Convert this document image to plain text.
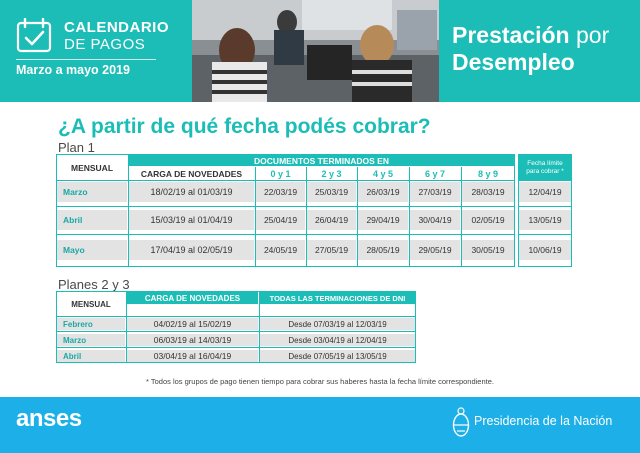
CALENDARIO
DE PAGOS
Marzo a mayo 2019
Prestación por
Desempleo
¿A partir de qué fecha podés cobrar?
Plan 1
MENSUAL
DOCUMENTOS TERMINADOS EN
CARGA DE NOVEDADES	0 y 1	2 y 3	4 y 5	6 y 7	8 y 9
Fecha límite para cobrar *
Marzo	18/02/19 al 01/03/19	22/03/19	25/03/19	26/03/19	27/03/19	28/03/19	12/04/19
Abril	15/03/19 al 01/04/19	25/04/19	26/04/19	29/04/19	30/04/19	02/05/19	13/05/19
Mayo	17/04/19 al 02/05/19	24/05/19	27/05/19	28/05/19	29/05/19	30/05/19	10/06/19
Planes 2 y 3
MENSUAL
CARGA DE NOVEDADES	TODAS LAS TERMINACIONES DE DNI
Febrero	04/02/19 al 15/02/19	Desde 07/03/19 al 12/03/19
Marzo	06/03/19 al 14/03/19	Desde 03/04/19 al 12/04/19
Abril	03/04/19 al 16/04/19	Desde 07/05/19 al 13/05/19
* Todos los grupos de pago tienen tiempo para cobrar sus haberes hasta la fecha límite correspondiente.
anses	Presidencia de la Nación
